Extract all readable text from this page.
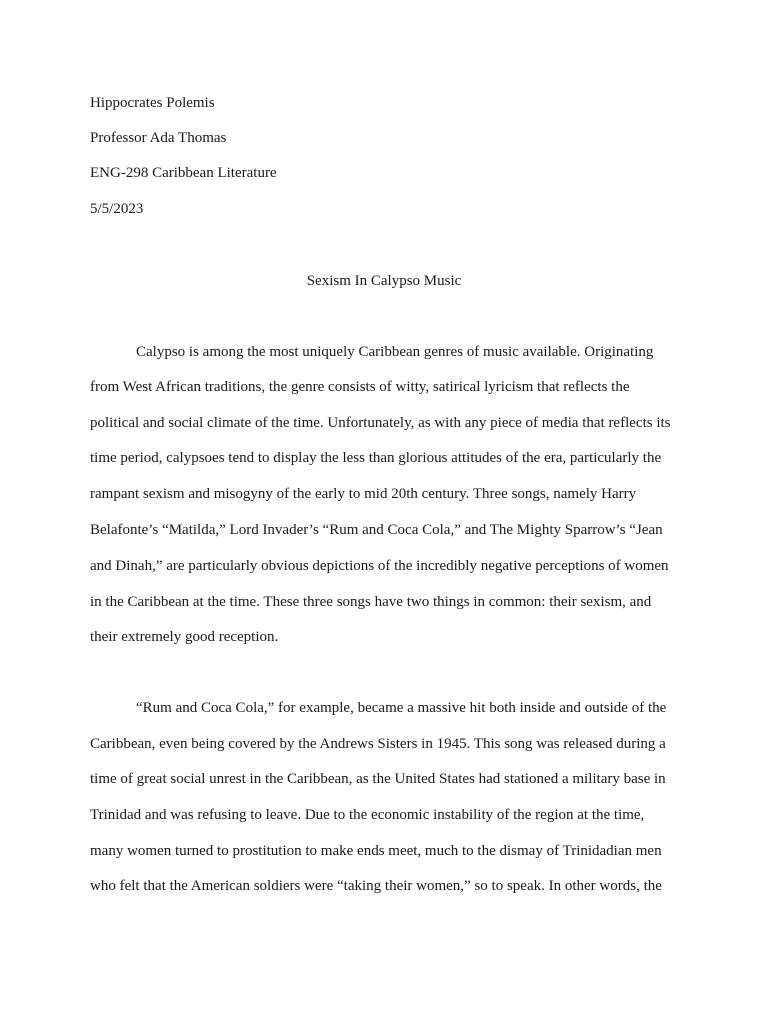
Hippocrates Polemis
Professor Ada Thomas
ENG-298 Caribbean Literature
5/5/2023
Sexism In Calypso Music
Calypso is among the most uniquely Caribbean genres of music available. Originating
from West African traditions, the genre consists of witty, satirical lyricism that reflects the
political and social climate of the time. Unfortunately, as with any piece of media that reflects its
time period, calypsoes tend to display the less than glorious attitudes of the era, particularly the
rampant sexism and misogyny of the early to mid 20th century. Three songs, namely Harry
Belafonte’s “Matilda,” Lord Invader’s “Rum and Coca Cola,” and The Mighty Sparrow’s “Jean
and Dinah,” are particularly obvious depictions of the incredibly negative perceptions of women
in the Caribbean at the time. These three songs have two things in common: their sexism, and
their extremely good reception.
“Rum and Coca Cola,” for example, became a massive hit both inside and outside of the
Caribbean, even being covered by the Andrews Sisters in 1945. This song was released during a
time of great social unrest in the Caribbean, as the United States had stationed a military base in
Trinidad and was refusing to leave. Due to the economic instability of the region at the time,
many women turned to prostitution to make ends meet, much to the dismay of Trinidadian men
who felt that the American soldiers were “taking their women,” so to speak. In other words, the
